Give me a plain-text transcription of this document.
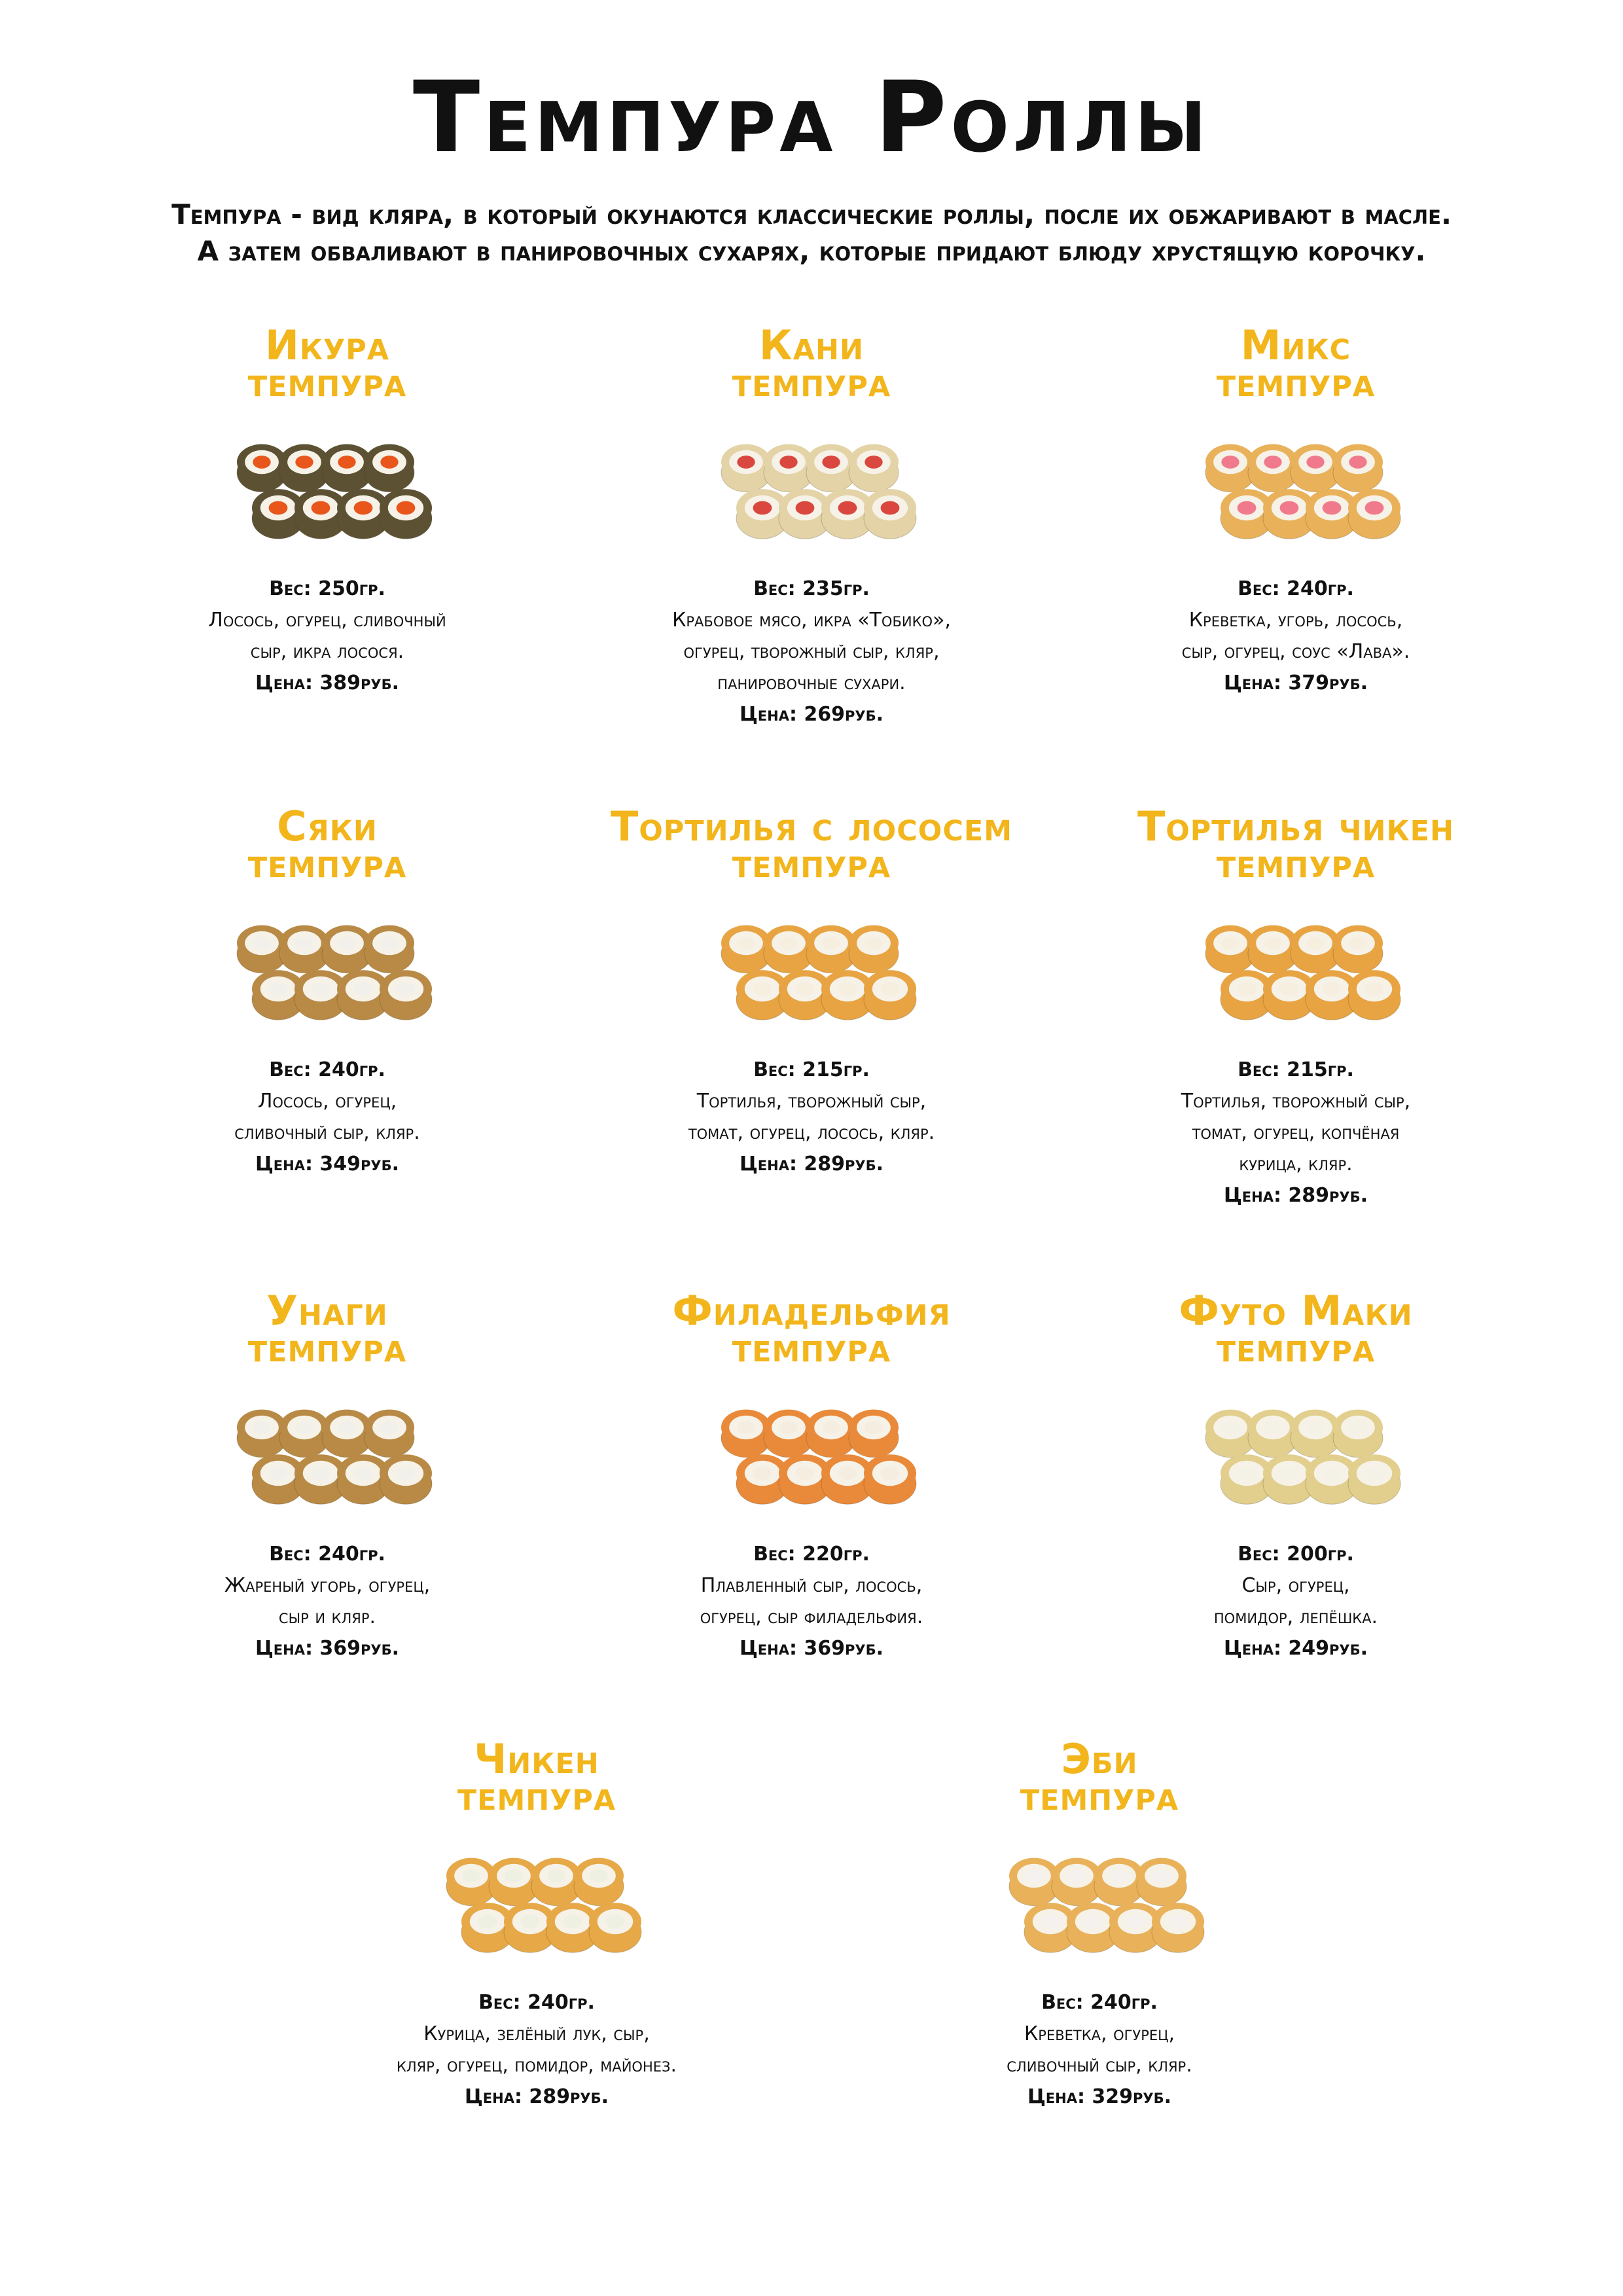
Темпура Роллы
Темпура - вид кляра, в который окунаются классические роллы, после их обжаривают в масле.
А затем обваливают в панировочных сухарях, которые придают блюду хрустящую корочку.
Икура
темпура
Вес: 250гр.
Лосось, огурец, сливочный
сыр, икра лосося.
Цена: 389руб.
Кани
темпура
Вес: 235гр.
Крабовое мясо, икра «Тобико»,
огурец, творожный сыр, кляр,
панировочные сухари.
Цена: 269руб.
Микс
темпура
Вес: 240гр.
Креветка, угорь, лосось,
сыр, огурец, соус «Лава».
Цена: 379руб.
Сяки
темпура
Вес: 240гр.
Лосось, огурец,
сливочный сыр, кляр.
Цена: 349руб.
Тортилья с лососем
темпура
Вес: 215гр.
Тортилья, творожный сыр,
томат, огурец, лосось, кляр.
Цена: 289руб.
Тортилья чикен
темпура
Вес: 215гр.
Тортилья, творожный сыр,
томат, огурец, копчёная
курица, кляр.
Цена: 289руб.
Унаги
темпура
Вес: 240гр.
Жареный угорь, огурец,
сыр и кляр.
Цена: 369руб.
Филадельфия
темпура
Вес: 220гр.
Плавленный сыр, лосось,
огурец, сыр филадельфия.
Цена: 369руб.
Футо Маки
темпура
Вес: 200гр.
Сыр, огурец,
помидор, лепёшка.
Цена: 249руб.
Чикен
темпура
Вес: 240гр.
Курица, зелёный лук, сыр,
кляр, огурец, помидор, майонез.
Цена: 289руб.
Эби
темпура
Вес: 240гр.
Креветка, огурец,
сливочный сыр, кляр.
Цена: 329руб.
